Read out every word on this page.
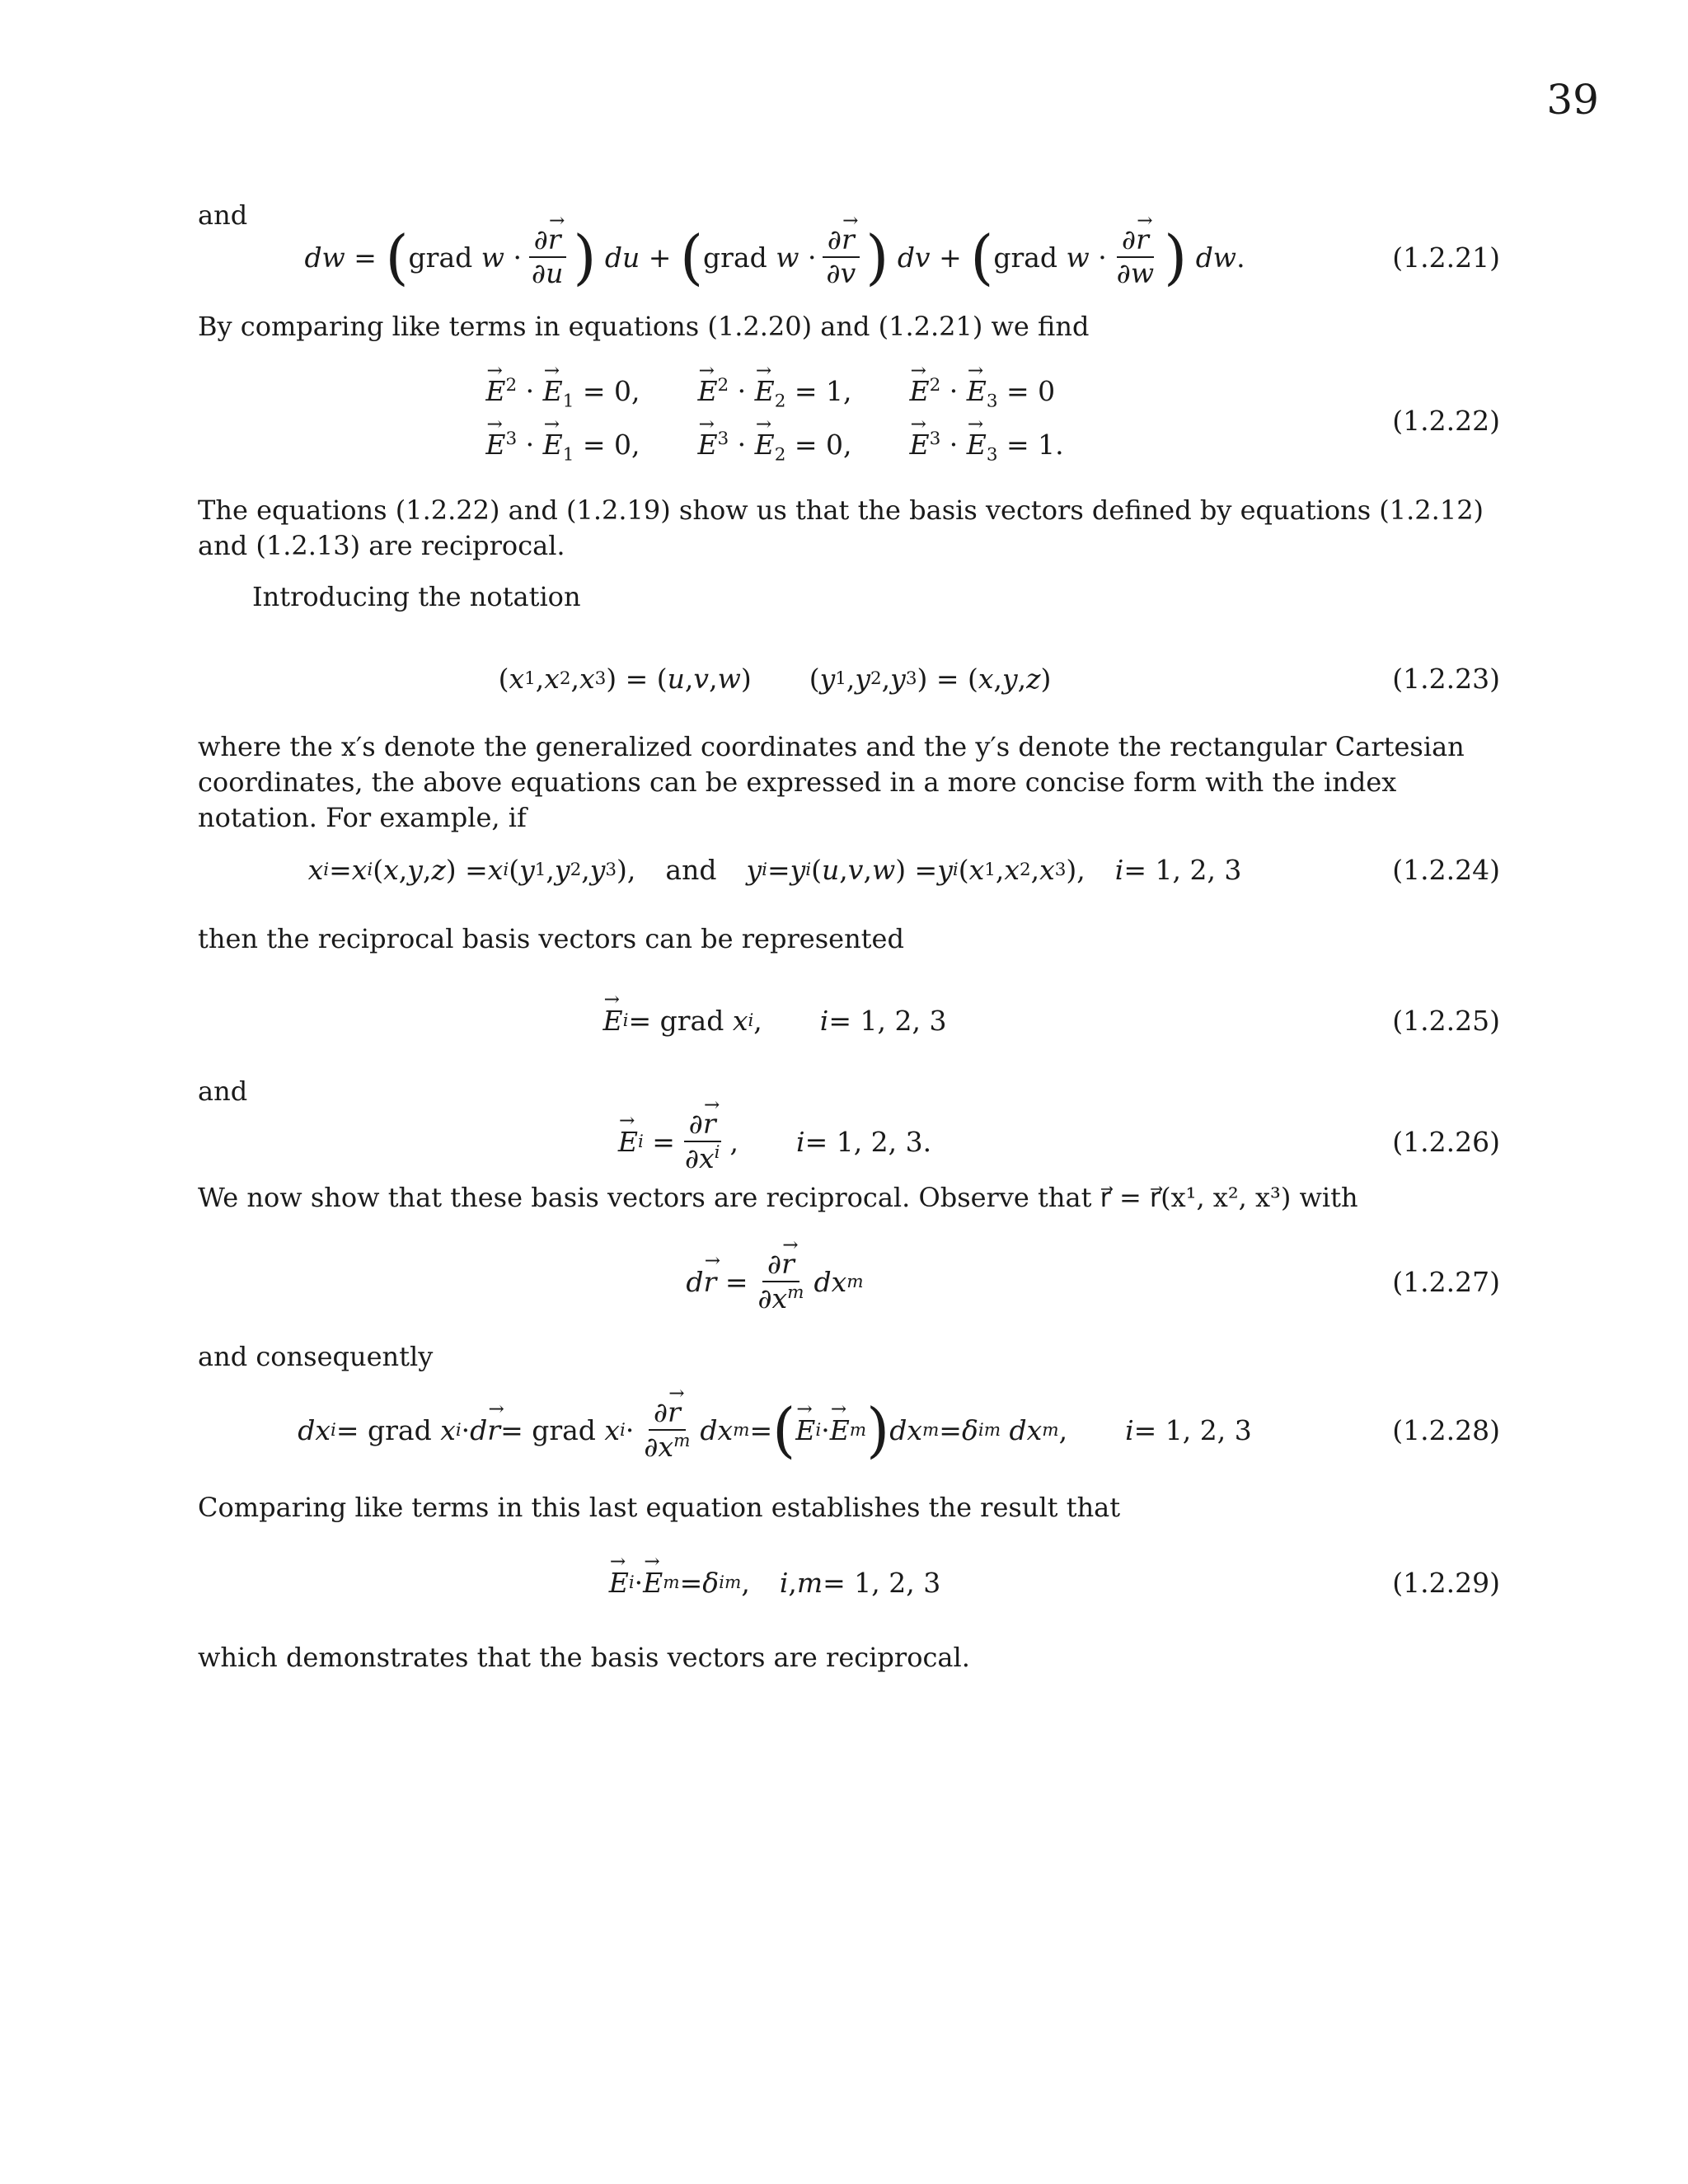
39

and

dw = ( grad $w \cdot \frac{\partial\to r}{\partial u}$ )
du + ( grad $w \cdot \frac{\partial\to r}{\partial v}$ )
dv + ( grad $w \cdot \frac{\partial\to r}{\partial w}$ )
dw .	(1.2.21)

By comparing like terms in equations (1.2.20) and (1.2.21) we find

→ $E^2$ · → $E_1 = 0$,
→ $E^2$ · → $E_2 = 1$,
→ $E^2$ · → $E_3 = 0$
→ $E^3$ · → $E_1 = 0$,
→ $E^3$ · → $E_2 = 0$,
→ $E^3$ · → $E_3 = 1$.
(1.2.22)

The equations (1.2.22) and (1.2.19) show us that the basis vectors defined by equations (1.2.12) and (1.2.13) are reciprocal.

Introducing the notation

( x 1 , x 2 , x 3 ) = ( u , v , w )
( y 1 , y 2 , y 3 ) = ( x , y , z )	(1.2.23)

where the x′s denote the generalized coordinates and the y′s denote the rectangular Cartesian coordinates, the above equations can be expressed in a more concise form with the index notation. For example, if

x i = x i ( x , y , z ) = x i ( y 1 , y 2 , y 3 ),
and y i = y i ( u , v , w ) = y i ( x 1 , x 2 , x 3 ), i = 1, 2, 3	(1.2.24)

then the reciprocal basis vectors can be represented

→ E i = grad x i , i = 1, 2, 3	(1.2.25)

and

→ E $i = \frac{\partial\to r}{\partial x^i}$ , i = 1, 2, 3.	(1.2.26)

We now show that these basis vectors are reciprocal. Observe that r⃗ = r⃗(x¹, x², x³) with

d
→ $r = \frac{\partial\to r}{\partial x^m}$ dx m	(1.2.27)

and consequently

dx i = grad x i · d
→ r = grad x $i \cdot \frac{\partial\to r}{\partial x^m}$ dx m = (
→ E i ·
→ E m ) dx m = δ i m
dx m , i = 1, 2, 3	(1.2.28)

Comparing like terms in this last equation establishes the result that

→ E i ·
→ E m = δ i m , i , m = 1, 2, 3	(1.2.29)

which demonstrates that the basis vectors are reciprocal.
